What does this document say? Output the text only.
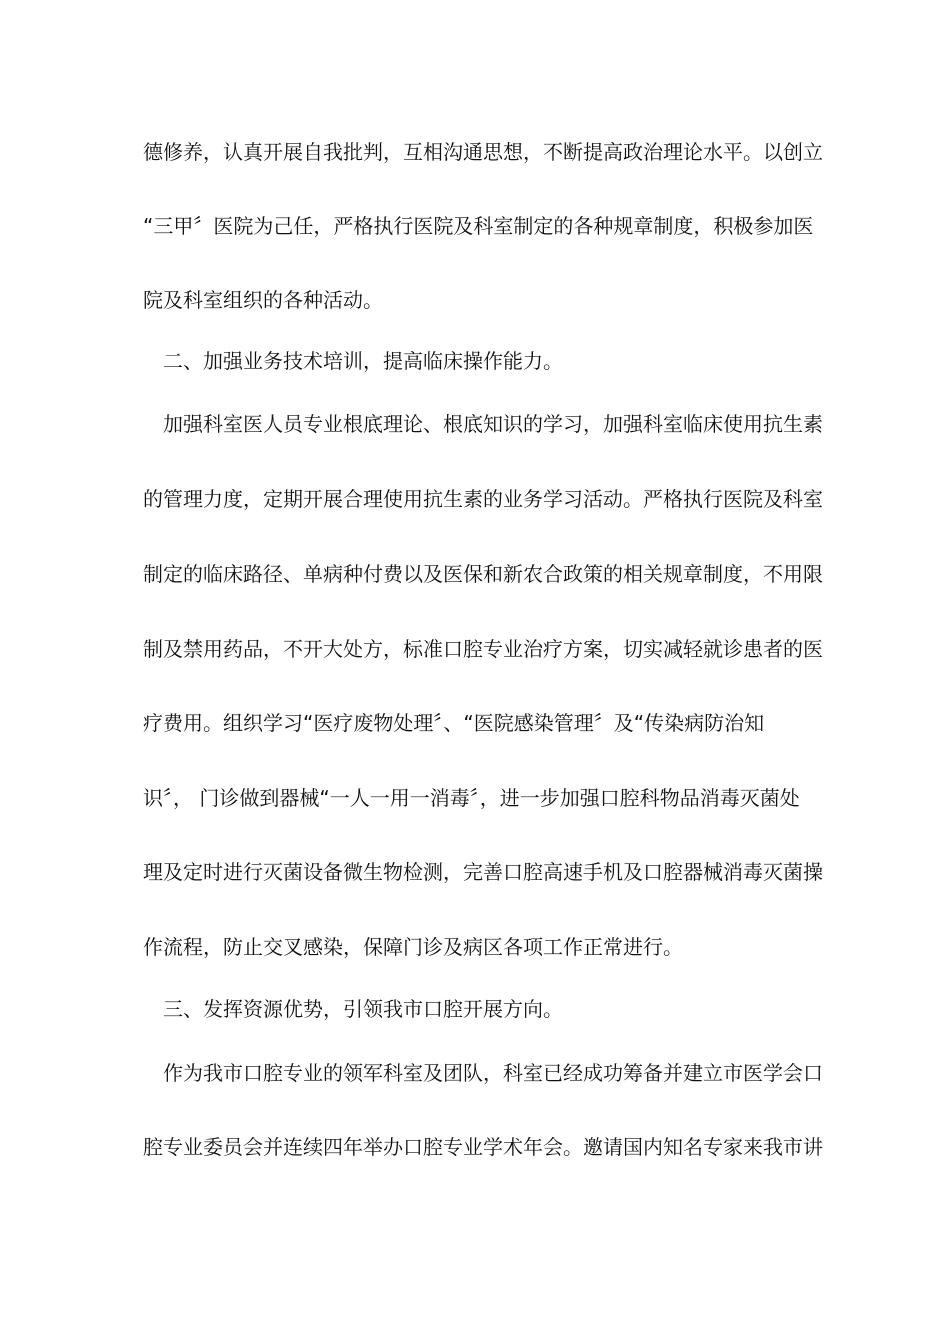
德修养，认真开展自我批判，互相沟通思想，不断提高政治理论水平。以创立
“三甲〞医院为己任，严格执行医院及科室制定的各种规章制度，积极参加医
院及科室组织的各种活动。
二、加强业务技术培训，提高临床操作能力。
加强科室医人员专业根底理论、根底知识的学习，加强科室临床使用抗生素
的管理力度，定期开展合理使用抗生素的业务学习活动。严格执行医院及科室
制定的临床路径、单病种付费以及医保和新农合政策的相关规章制度，不用限
制及禁用药品，不开大处方，标准口腔专业治疗方案，切实减轻就诊患者的医
疗费用。组织学习“医疗废物处理〞、“医院感染管理〞及“传染病防治知
识〞， 门诊做到器械“一人一用一消毒〞，进一步加强口腔科物品消毒灭菌处
理及定时进行灭菌设备微生物检测，完善口腔高速手机及口腔器械消毒灭菌操
作流程，防止交叉感染，保障门诊及病区各项工作正常进行。
三、发挥资源优势，引领我市口腔开展方向。
作为我市口腔专业的领军科室及团队，科室已经成功筹备并建立市医学会口
腔专业委员会并连续四年举办口腔专业学术年会。邀请国内知名专家来我市讲
